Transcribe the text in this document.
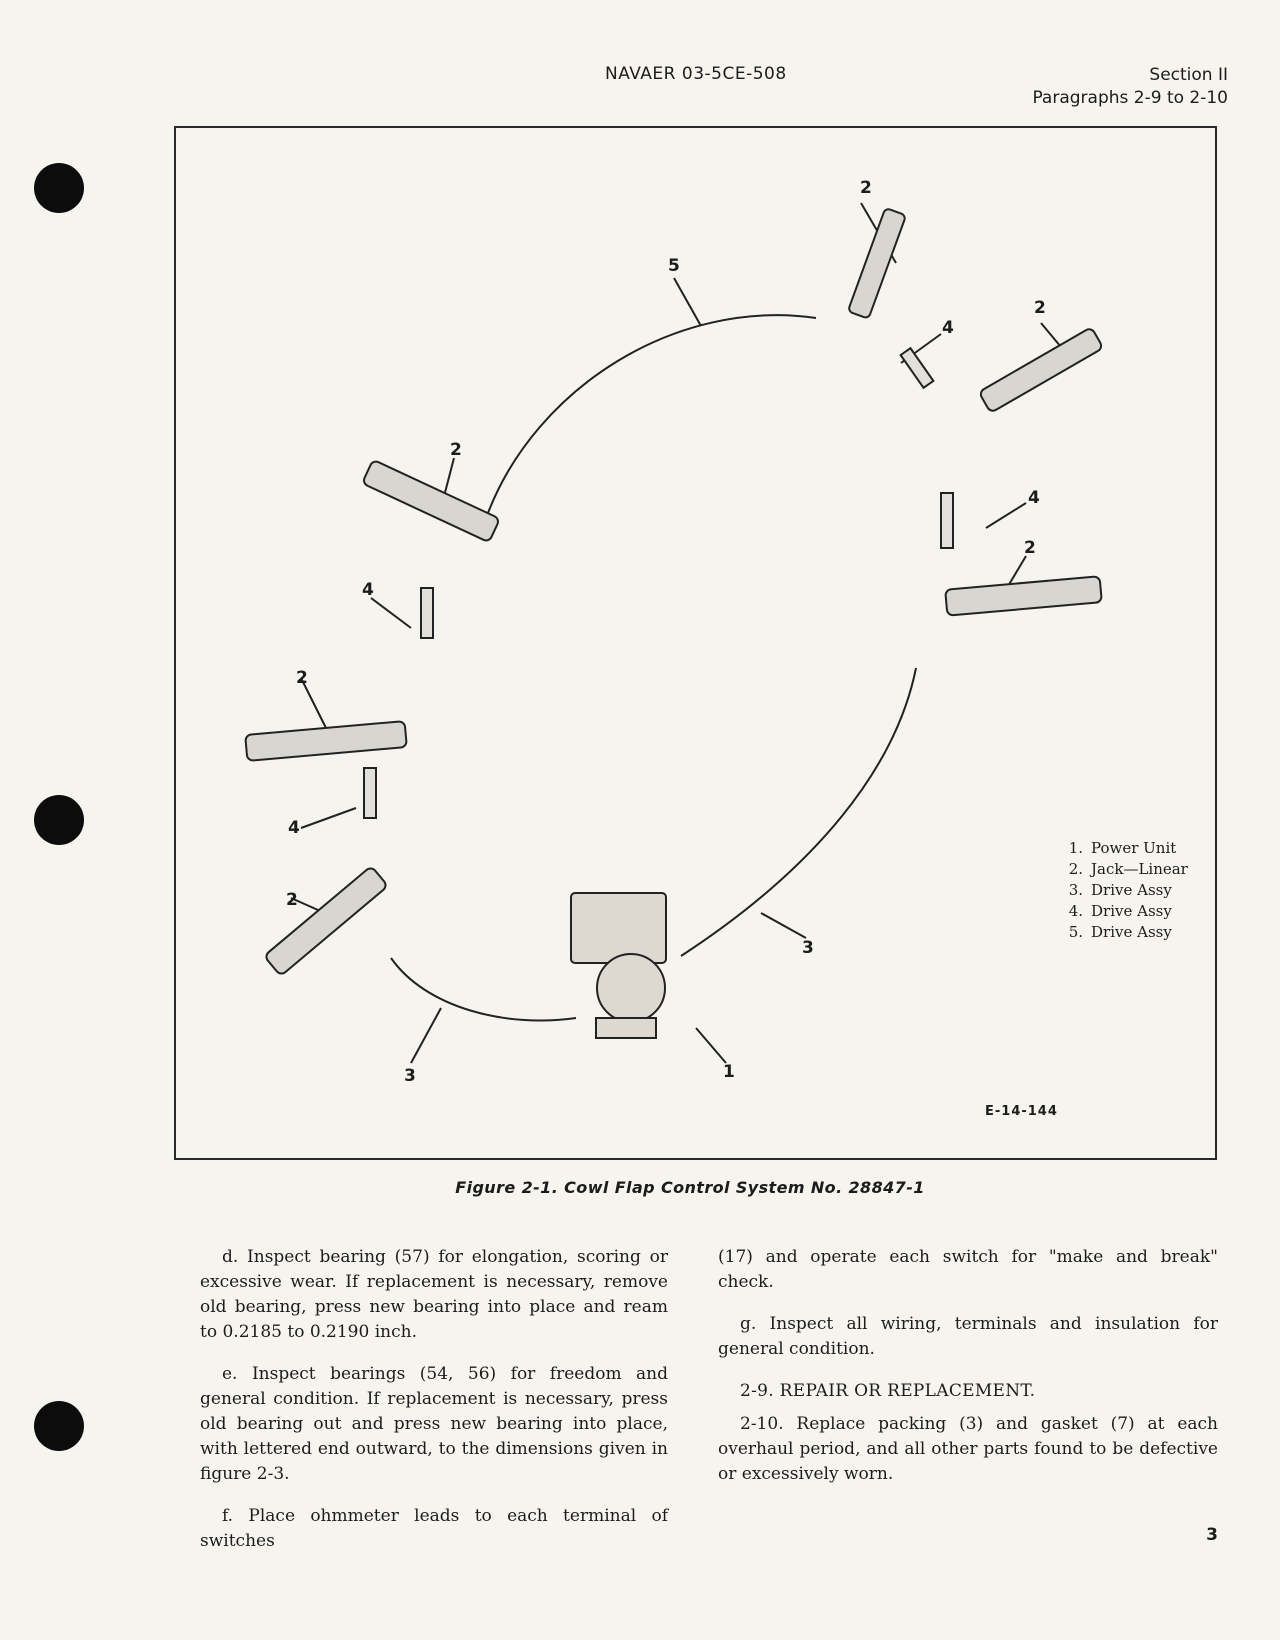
NAVAER 03-5CE-508	Section II
Paragraphs 2-9 to 2-10
2
5
4
2
2
4
2
4
2
4
2
3
1
3
1. Power Unit
2. Jack—Linear
3. Drive Assy
4. Drive Assy
5. Drive Assy
E-14-144
Figure 2-1. Cowl Flap Control System No. 28847-1

d. Inspect bearing (57) for elongation, scoring or excessive wear. If replacement is necessary, remove old bearing, press new bearing into place and ream to 0.2185 to 0.2190 inch.

e. Inspect bearings (54, 56) for freedom and general condition. If replacement is necessary, press old bearing out and press new bearing into place, with lettered end outward, to the dimensions given in figure 2-3.

f. Place ohmmeter leads to each terminal of switches

(17) and operate each switch for "make and break" check.

g. Inspect all wiring, terminals and insulation for general condition.

2-9. REPAIR OR REPLACEMENT.

2-10. Replace packing (3) and gasket (7) at each overhaul period, and all other parts found to be defective or excessively worn.

3
